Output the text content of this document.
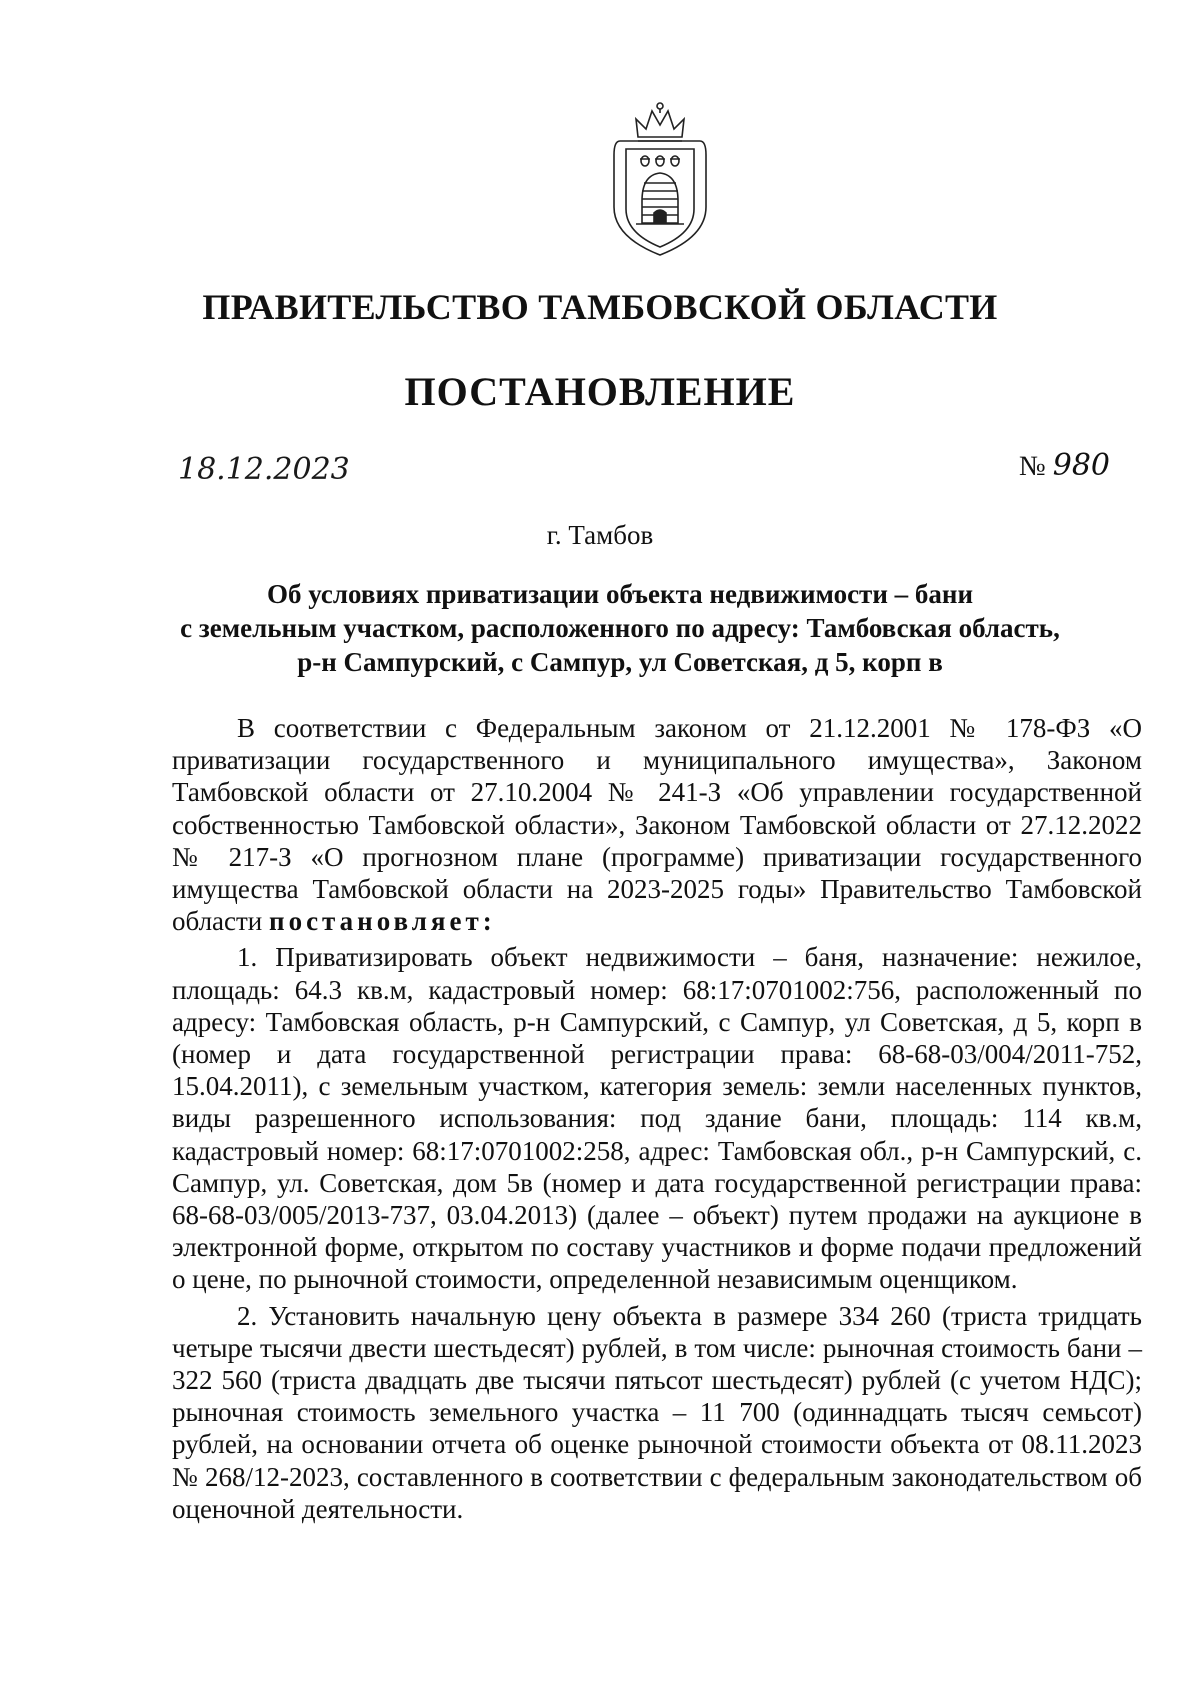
ПРАВИТЕЛЬСТВО ТАМБОВСКОЙ ОБЛАСТИ
ПОСТАНОВЛЕНИЕ
18.12.2023	№ 980
г. Тамбов
Об условиях приватизации объекта недвижимости – бани
с земельным участком, расположенного по адресу: Тамбовская область,
р-н Сампурский, с Сампур, ул Советская, д 5, корп в

В соответствии с Федеральным законом от 21.12.2001 № 178-ФЗ «О приватизации государственного и муниципального имущества», Законом Тамбовской области от 27.10.2004 № 241-З «Об управлении государственной собственностью Тамбовской области», Законом Тамбовской области от 27.12.2022 № 217-З «О прогнозном плане (программе) приватизации государственного имущества Тамбовской области на 2023-2025 годы» Правительство Тамбовской области постановляет:

1. Приватизировать объект недвижимости – баня, назначение: нежилое, площадь: 64.3 кв.м, кадастровый номер: 68:17:0701002:756, расположенный по адресу: Тамбовская область, р-н Сампурский, с Сампур, ул Советская, д 5, корп в (номер и дата государственной регистрации права: 68-68-03/004/2011-752, 15.04.2011), с земельным участком, категория земель: земли населенных пунктов, виды разрешенного использования: под здание бани, площадь: 114 кв.м, кадастровый номер: 68:17:0701002:258, адрес: Тамбовская обл., р-н Сампурский, с. Сампур, ул. Советская, дом 5в (номер и дата государственной регистрации права: 68-68-03/005/2013-737, 03.04.2013) (далее – объект) путем продажи на аукционе в электронной форме, открытом по составу участников и форме подачи предложений о цене, по рыночной стоимости, определенной независимым оценщиком.

2. Установить начальную цену объекта в размере 334 260 (триста тридцать четыре тысячи двести шестьдесят) рублей, в том числе: рыночная стоимость бани – 322 560 (триста двадцать две тысячи пятьсот шестьдесят) рублей (с учетом НДС); рыночная стоимость земельного участка – 11 700 (одиннадцать тысяч семьсот) рублей, на основании отчета об оценке рыночной стоимости объекта от 08.11.2023 № 268/12-2023, составленного в соответствии с федеральным законодательством об оценочной деятельности.
